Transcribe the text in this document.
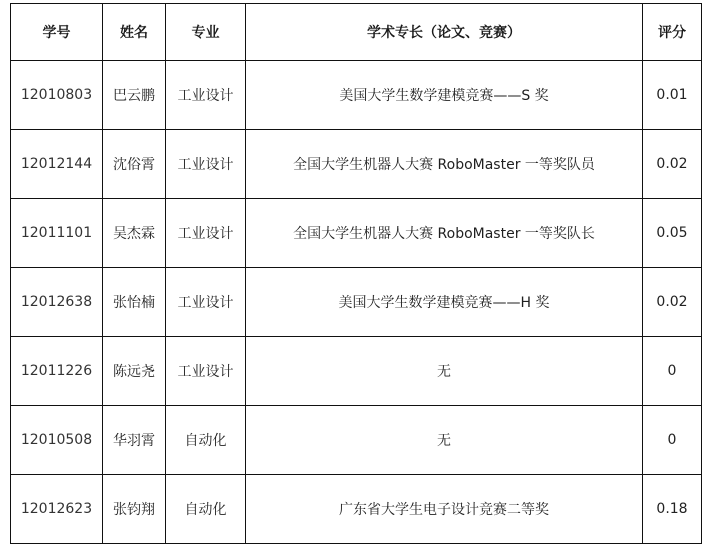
学号	姓名	专业	学术专长（论文、竞赛）	评分
12010803	巴云鹏	工业设计	美国大学生数学建模竞赛——S 奖	0.01
12012144	沈俗霄	工业设计	全国大学生机器人大赛 RoboMaster 一等奖队员	0.02
12011101	吴杰霖	工业设计	全国大学生机器人大赛 RoboMaster 一等奖队长	0.05
12012638	张怡楠	工业设计	美国大学生数学建模竞赛——H 奖	0.02
12011226	陈远尧	工业设计	无	0
12010508	华羽霄	自动化	无	0
12012623	张钧翔	自动化	广东省大学生电子设计竞赛二等奖	0.18
